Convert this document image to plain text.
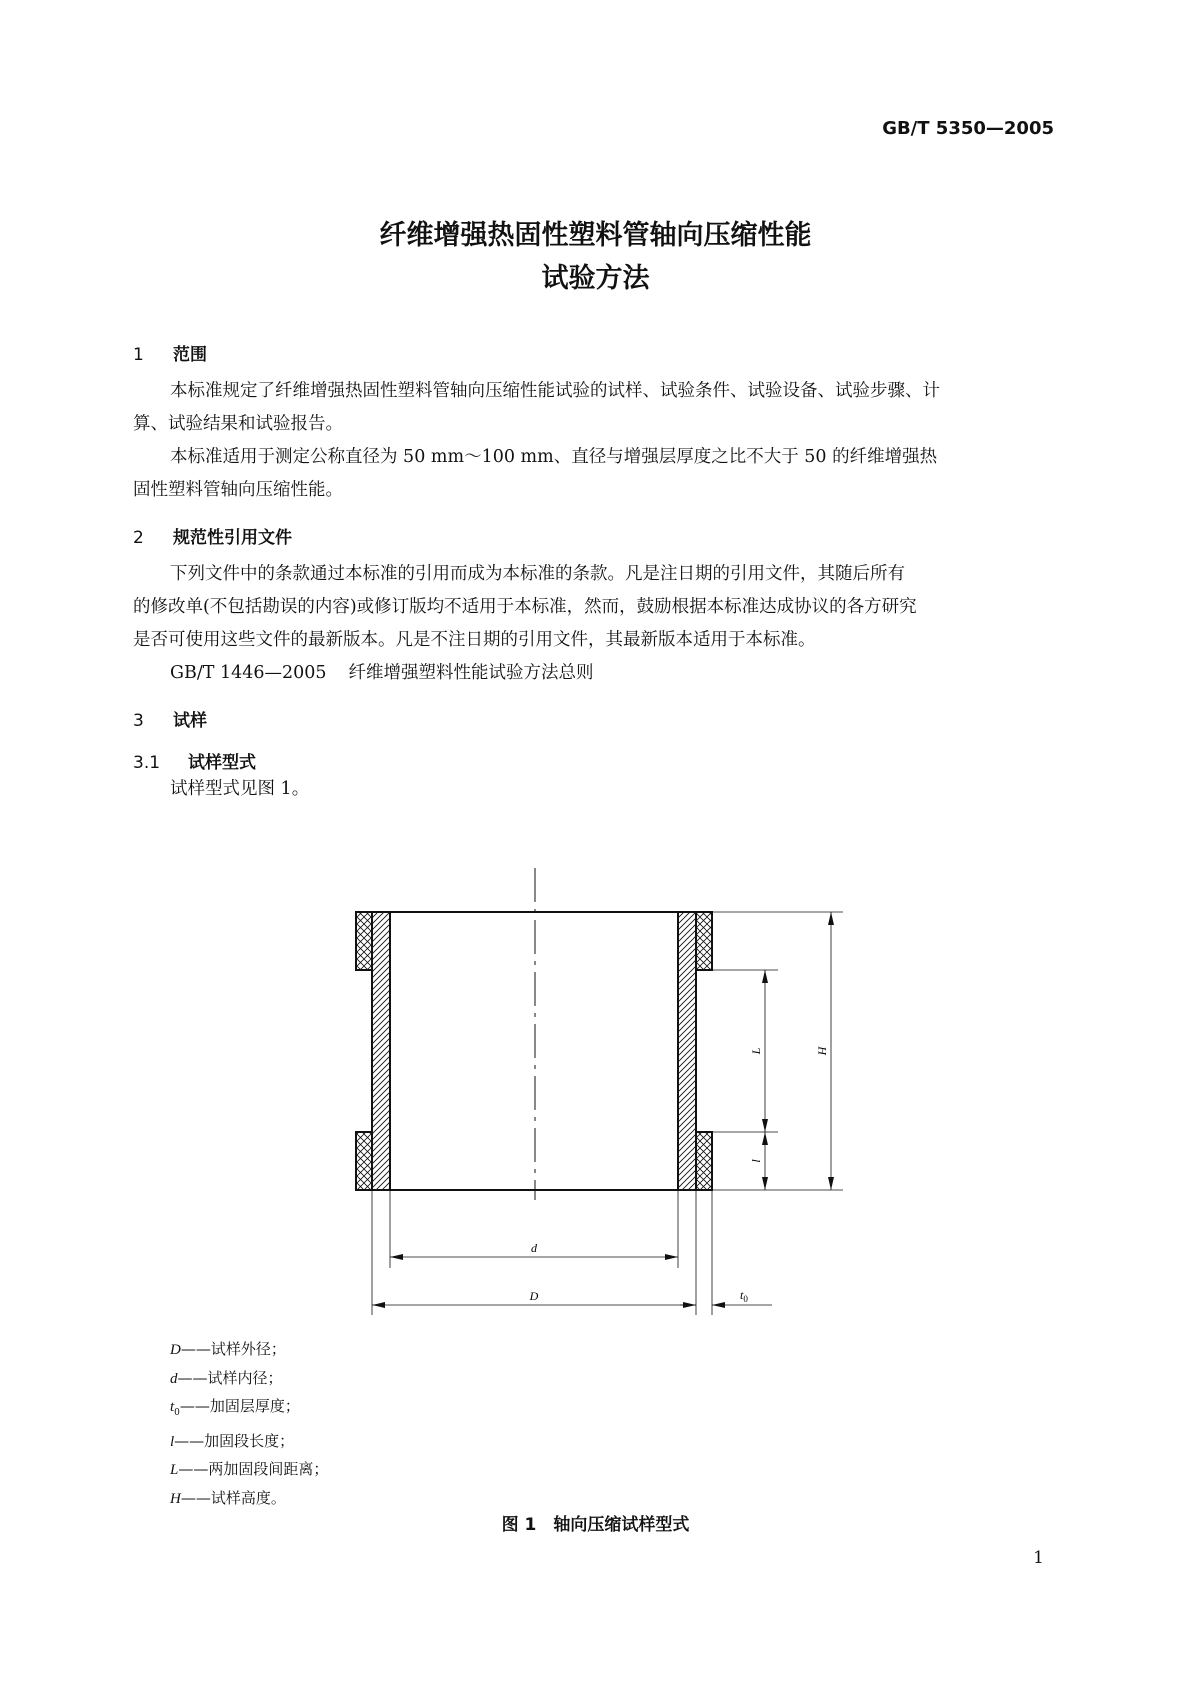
GB/T 5350—2005
纤维增强热固性塑料管轴向压缩性能
试验方法
1 范围
本标准规定了纤维增强热固性塑料管轴向压缩性能试验的试样、试验条件、试验设备、试验步骤、计
算、试验结果和试验报告。
本标准适用于测定公称直径为 50 mm～100 mm、直径与增强层厚度之比不大于 50 的纤维增强热
固性塑料管轴向压缩性能。
2 规范性引用文件
下列文件中的条款通过本标准的引用而成为本标准的条款。凡是注日期的引用文件，其随后所有
的修改单(不包括勘误的内容)或修订版均不适用于本标准，然而，鼓励根据本标准达成协议的各方研究
是否可使用这些文件的最新版本。凡是不注日期的引用文件，其最新版本适用于本标准。
GB/T 1446—2005 纤维增强塑料性能试验方法总则
3 试样
3.1 试样型式
试样型式见图 1。
d
D	$t_0$
L
l
H
D——试样外径；
d——试样内径；
$t_0——$加固层厚度；
l——加固段长度；
L——两加固段间距离；
H——试样高度。
图 1　轴向压缩试样型式
1
